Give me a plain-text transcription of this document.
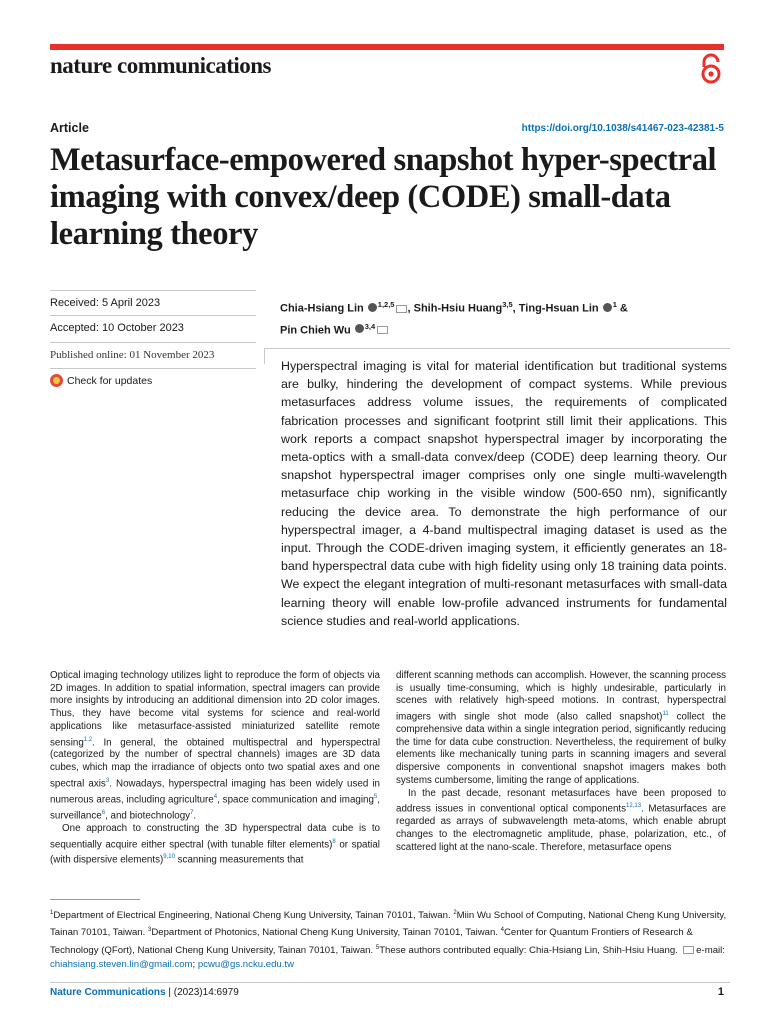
nature communications
Article	https://doi.org/10.1038/s41467-023-42381-5
Metasurface-empowered snapshot hyper-spectral imaging with convex/deep (CODE) small-data learning theory
Received: 5 April 2023
Accepted: 10 October 2023
Published online: 01 November 2023
Check for updates
Chia-Hsiang Lin $^{1,2,5}$ , Shih-Hsiu Huang$^{3,5}$, Ting-Hsuan Lin $^1$ &
Pin Chieh Wu $^{3,4}$

Hyperspectral imaging is vital for material identification but traditional systems are bulky, hindering the development of compact systems. While previous metasurfaces address volume issues, the requirements of complicated fabrication processes and significant footprint still limit their applications. This work reports a compact snapshot hyperspectral imager by incorporating the meta-optics with a small-data convex/deep (CODE) deep learning theory. Our snapshot hyperspectral imager comprises only one single multi-wavelength metasurface chip working in the visible window (500-650 nm), significantly reducing the device area. To demonstrate the high performance of our hyperspectral imager, a 4-band multispectral imaging dataset is used as the input. Through the CODE-driven imaging system, it efficiently generates an 18-band hyperspectral data cube with high fidelity using only 18 training data points. We expect the elegant integration of multi-resonant metasurfaces with small-data learning theory will enable low-profile advanced instruments for fundamental science studies and real-world applications.

Optical imaging technology utilizes light to reproduce the form of objects via 2D images. In addition to spatial information, spectral imagers can provide more insights by introducing an additional dimension into 2D color images. Thus, they have become vital systems for science and real-world applications like metasurface-assisted miniaturized satellite remote sensing$^{1,2}$. In general, the obtained multispectral and hyperspectral (categorized by the number of spectral channels) images are 3D data cubes, which map the irradiance of objects onto two spatial axes and one spectral axis$^3$. Nowadays, hyperspectral imaging has been widely used in numerous areas, including agriculture$^4$, space communication and imaging$^5$, surveillance$^6$, and biotechnology$^7$.

One approach to constructing the 3D hyperspectral data cube is to sequentially acquire either spectral (with tunable filter elements)$^8$ or spatial (with dispersive elements)$^{9,10}$ scanning measurements that

different scanning methods can accomplish. However, the scanning process is usually time-consuming, which is highly undesirable, particularly in scenes with relatively high-speed motions. In contrast, hyperspectral imagers with single shot mode (also called snapshot)$^{11}$ collect the comprehensive data within a single integration period, significantly reducing the time for data cube construction. Nevertheless, the requirement of bulky elements like mechanically tuning parts in scanning imagers and several dispersive components in conventional snapshot imagers makes both systems cumbersome, limiting the range of applications.

In the past decade, resonant metasurfaces have been proposed to address issues in conventional optical components$^{12,13}$. Metasurfaces are regarded as arrays of subwavelength meta-atoms, which enable abrupt changes to the electromagnetic amplitude, phase, polarization, etc., of scattered light at the nano-scale. Therefore, metasurface opens

$^1$Department of Electrical Engineering, National Cheng Kung University, Tainan 70101, Taiwan. $^2$Miin Wu School of Computing, National Cheng Kung University, Tainan 70101, Taiwan. $^3$Department of Photonics, National Cheng Kung University, Tainan 70101, Taiwan. $^4$Center for Quantum Frontiers of Research & Technology (QFort), National Cheng Kung University, Tainan 70101, Taiwan. $^5$These authors contributed equally: Chia-Hsiang Lin, Shih-Hsiu Huang.  e-mail: chiahsiang.steven.lin@gmail.com; pcwu@gs.ncku.edu.tw
Nature Communications | (2023)14:6979	1
